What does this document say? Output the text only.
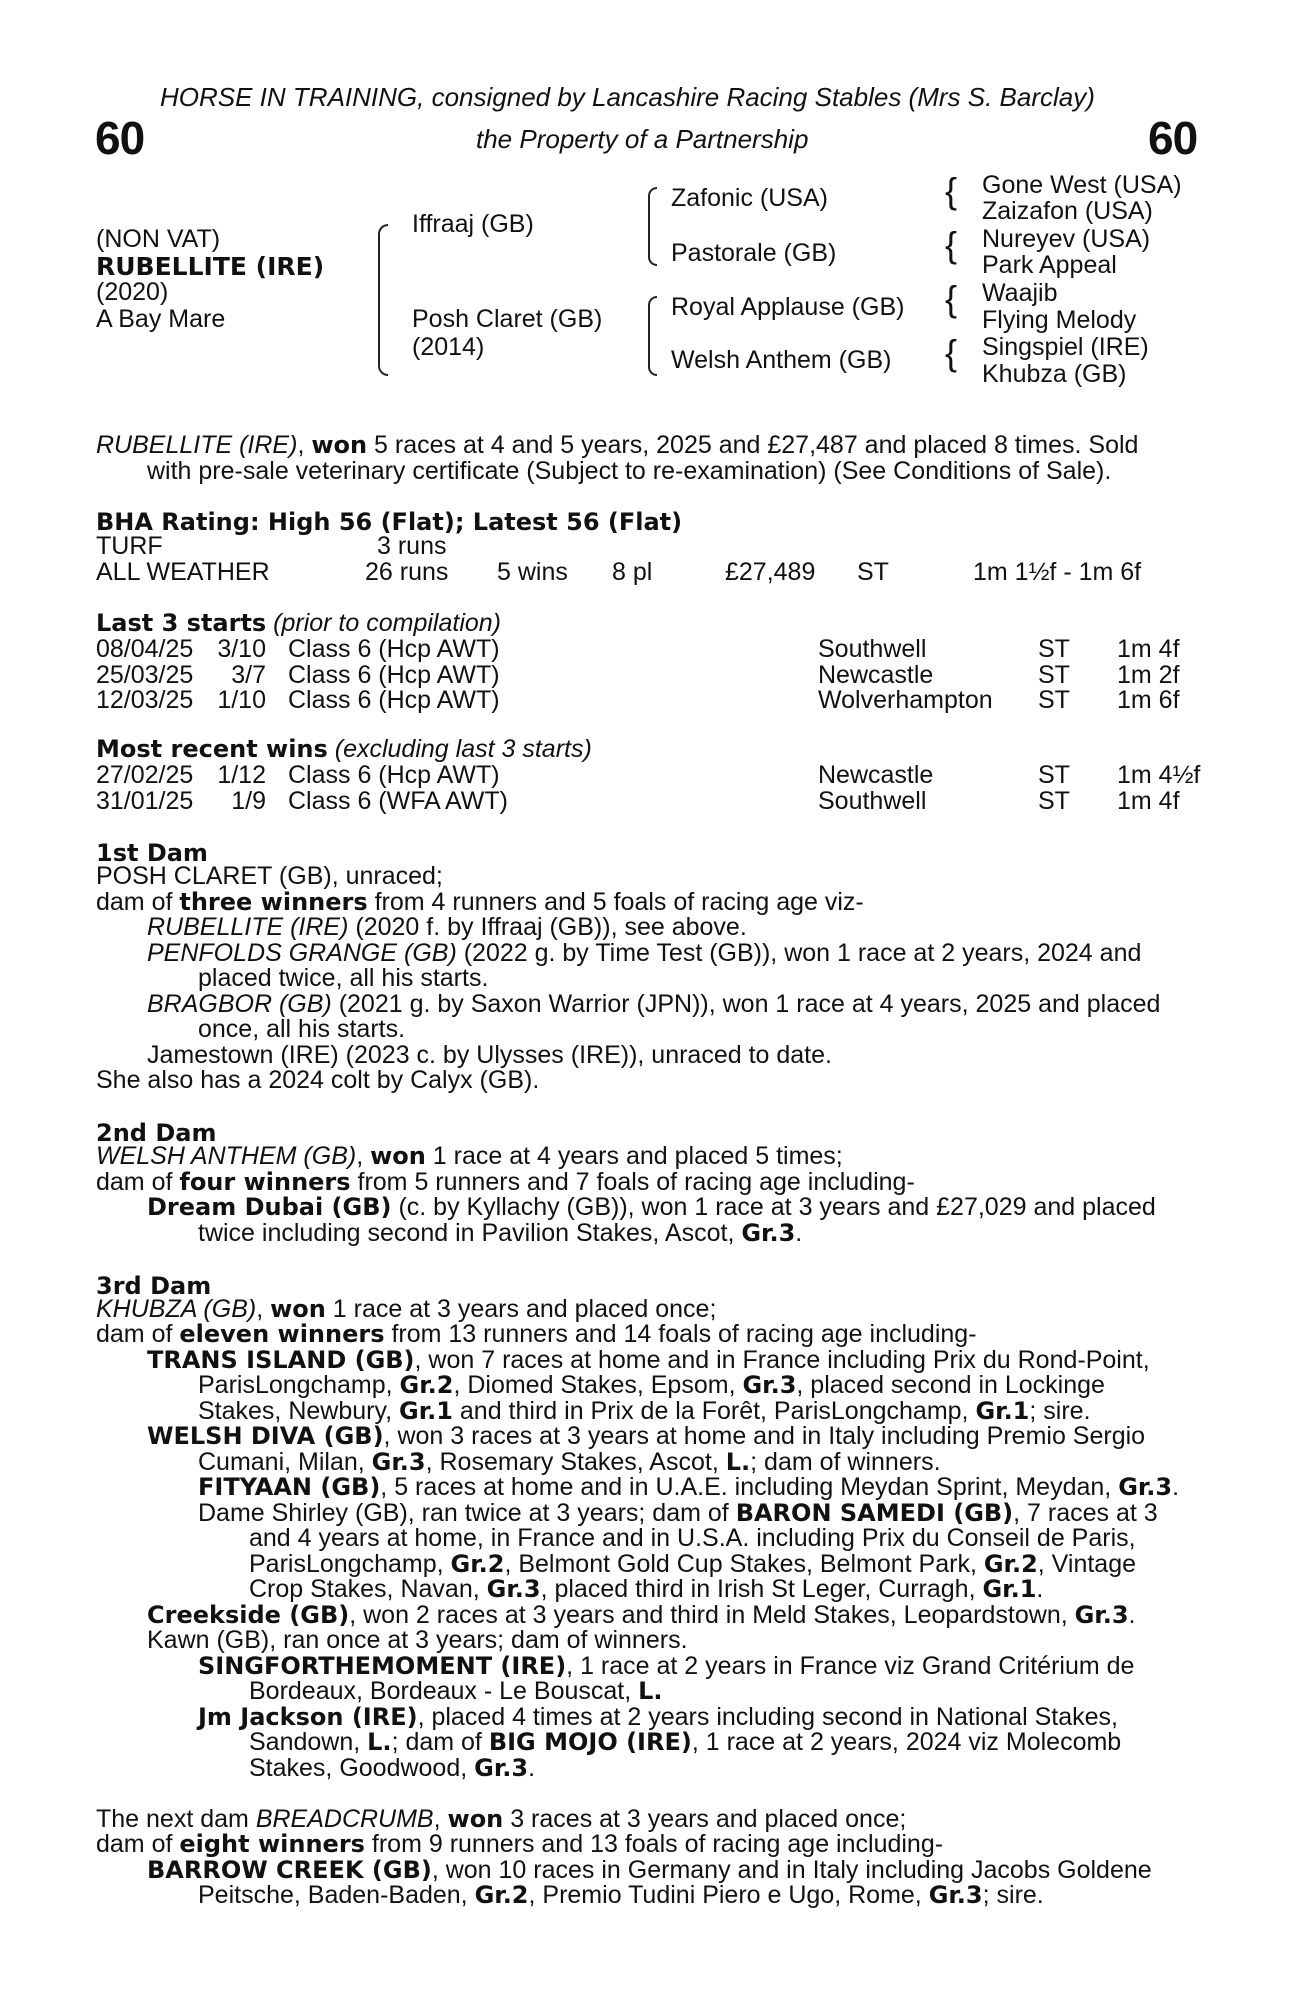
HORSE IN TRAINING, consigned by Lancashire Racing Stables (Mrs S. Barclay)
60	the Property of a Partnership	60
(NON VAT)
RUBELLITE (IRE)
(2020)
A Bay Mare
Iffraaj (GB)
Posh Claret (GB)
(2014)
Zafonic (USA)
Pastorale (GB)
Royal Applause (GB)
Welsh Anthem (GB)
{
{
{
{
Gone West (USA)
Zaizafon (USA)
Nureyev (USA)
Park Appeal
Waajib
Flying Melody
Singspiel (IRE)
Khubza (GB)
RUBELLITE (IRE), won 5 races at 4 and 5 years, 2025 and £27,487 and placed 8 times. Sold
with pre-sale veterinary certificate (Subject to re-examination) (See Conditions of Sale).
BHA Rating: High 56 (Flat); Latest 56 (Flat)
TURF	3 runs
ALL WEATHER	26 runs 5 wins 8 pl	£27,489 ST	1m 1½f - 1m 6f
Last 3 starts (prior to compilation)
08/04/25 3/10 Class 6 (Hcp AWT)	Southwell	ST 1m 4f
25/03/25	3/7 Class 6 (Hcp AWT)	Newcastle	ST 1m 2f
12/03/25 1/10 Class 6 (Hcp AWT)	Wolverhampton ST 1m 6f
Most recent wins (excluding last 3 starts)
27/02/25 1/12 Class 6 (Hcp AWT)	Newcastle	ST 1m 4½f
31/01/25	1/9 Class 6 (WFA AWT)	Southwell	ST 1m 4f
1st Dam
POSH CLARET (GB), unraced;
dam of three winners from 4 runners and 5 foals of racing age viz-
RUBELLITE (IRE) (2020 f. by Iffraaj (GB)), see above.
PENFOLDS GRANGE (GB) (2022 g. by Time Test (GB)), won 1 race at 2 years, 2024 and
placed twice, all his starts.
BRAGBOR (GB) (2021 g. by Saxon Warrior (JPN)), won 1 race at 4 years, 2025 and placed
once, all his starts.
Jamestown (IRE) (2023 c. by Ulysses (IRE)), unraced to date.
She also has a 2024 colt by Calyx (GB).
2nd Dam
WELSH ANTHEM (GB), won 1 race at 4 years and placed 5 times;
dam of four winners from 5 runners and 7 foals of racing age including-
Dream Dubai (GB) (c. by Kyllachy (GB)), won 1 race at 3 years and £27,029 and placed
twice including second in Pavilion Stakes, Ascot, Gr.3.
3rd Dam
KHUBZA (GB), won 1 race at 3 years and placed once;
dam of eleven winners from 13 runners and 14 foals of racing age including-
TRANS ISLAND (GB), won 7 races at home and in France including Prix du Rond-Point,
ParisLongchamp, Gr.2, Diomed Stakes, Epsom, Gr.3, placed second in Lockinge
Stakes, Newbury, Gr.1 and third in Prix de la Forêt, ParisLongchamp, Gr.1; sire.
WELSH DIVA (GB), won 3 races at 3 years at home and in Italy including Premio Sergio
Cumani, Milan, Gr.3, Rosemary Stakes, Ascot, L.; dam of winners.
FITYAAN (GB), 5 races at home and in U.A.E. including Meydan Sprint, Meydan, Gr.3.
Dame Shirley (GB), ran twice at 3 years; dam of BARON SAMEDI (GB), 7 races at 3
and 4 years at home, in France and in U.S.A. including Prix du Conseil de Paris,
ParisLongchamp, Gr.2, Belmont Gold Cup Stakes, Belmont Park, Gr.2, Vintage
Crop Stakes, Navan, Gr.3, placed third in Irish St Leger, Curragh, Gr.1.
Creekside (GB), won 2 races at 3 years and third in Meld Stakes, Leopardstown, Gr.3.
Kawn (GB), ran once at 3 years; dam of winners.
SINGFORTHEMOMENT (IRE), 1 race at 2 years in France viz Grand Critérium de
Bordeaux, Bordeaux - Le Bouscat, L.
Jm Jackson (IRE), placed 4 times at 2 years including second in National Stakes,
Sandown, L.; dam of BIG MOJO (IRE), 1 race at 2 years, 2024 viz Molecomb
Stakes, Goodwood, Gr.3.
The next dam BREADCRUMB, won 3 races at 3 years and placed once;
dam of eight winners from 9 runners and 13 foals of racing age including-
BARROW CREEK (GB), won 10 races in Germany and in Italy including Jacobs Goldene
Peitsche, Baden-Baden, Gr.2, Premio Tudini Piero e Ugo, Rome, Gr.3; sire.
